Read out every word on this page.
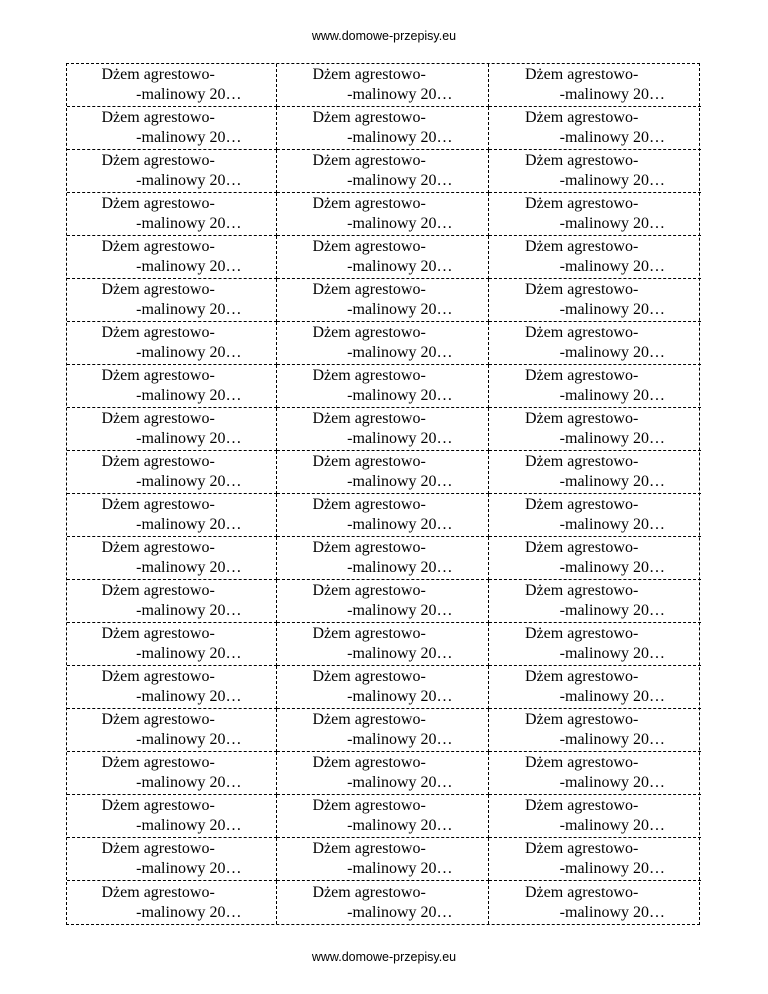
www.domowe-przepisy.eu
Dżem agrestowo-
-malinowy 20…
Dżem agrestowo-
-malinowy 20…
Dżem agrestowo-
-malinowy 20…
Dżem agrestowo-
-malinowy 20…
Dżem agrestowo-
-malinowy 20…
Dżem agrestowo-
-malinowy 20…
Dżem agrestowo-
-malinowy 20…
Dżem agrestowo-
-malinowy 20…
Dżem agrestowo-
-malinowy 20…
Dżem agrestowo-
-malinowy 20…
Dżem agrestowo-
-malinowy 20…
Dżem agrestowo-
-malinowy 20…
Dżem agrestowo-
-malinowy 20…
Dżem agrestowo-
-malinowy 20…
Dżem agrestowo-
-malinowy 20…
Dżem agrestowo-
-malinowy 20…
Dżem agrestowo-
-malinowy 20…
Dżem agrestowo-
-malinowy 20…
Dżem agrestowo-
-malinowy 20…
Dżem agrestowo-
-malinowy 20…
Dżem agrestowo-
-malinowy 20…
Dżem agrestowo-
-malinowy 20…
Dżem agrestowo-
-malinowy 20…
Dżem agrestowo-
-malinowy 20…
Dżem agrestowo-
-malinowy 20…
Dżem agrestowo-
-malinowy 20…
Dżem agrestowo-
-malinowy 20…
Dżem agrestowo-
-malinowy 20…
Dżem agrestowo-
-malinowy 20…
Dżem agrestowo-
-malinowy 20…
Dżem agrestowo-
-malinowy 20…
Dżem agrestowo-
-malinowy 20…
Dżem agrestowo-
-malinowy 20…
Dżem agrestowo-
-malinowy 20…
Dżem agrestowo-
-malinowy 20…
Dżem agrestowo-
-malinowy 20…
Dżem agrestowo-
-malinowy 20…
Dżem agrestowo-
-malinowy 20…
Dżem agrestowo-
-malinowy 20…
Dżem agrestowo-
-malinowy 20…
Dżem agrestowo-
-malinowy 20…
Dżem agrestowo-
-malinowy 20…
Dżem agrestowo-
-malinowy 20…
Dżem agrestowo-
-malinowy 20…
Dżem agrestowo-
-malinowy 20…
Dżem agrestowo-
-malinowy 20…
Dżem agrestowo-
-malinowy 20…
Dżem agrestowo-
-malinowy 20…
Dżem agrestowo-
-malinowy 20…
Dżem agrestowo-
-malinowy 20…
Dżem agrestowo-
-malinowy 20…
Dżem agrestowo-
-malinowy 20…
Dżem agrestowo-
-malinowy 20…
Dżem agrestowo-
-malinowy 20…
Dżem agrestowo-
-malinowy 20…
Dżem agrestowo-
-malinowy 20…
Dżem agrestowo-
-malinowy 20…
Dżem agrestowo-
-malinowy 20…
Dżem agrestowo-
-malinowy 20…
Dżem agrestowo-
-malinowy 20…
www.domowe-przepisy.eu
